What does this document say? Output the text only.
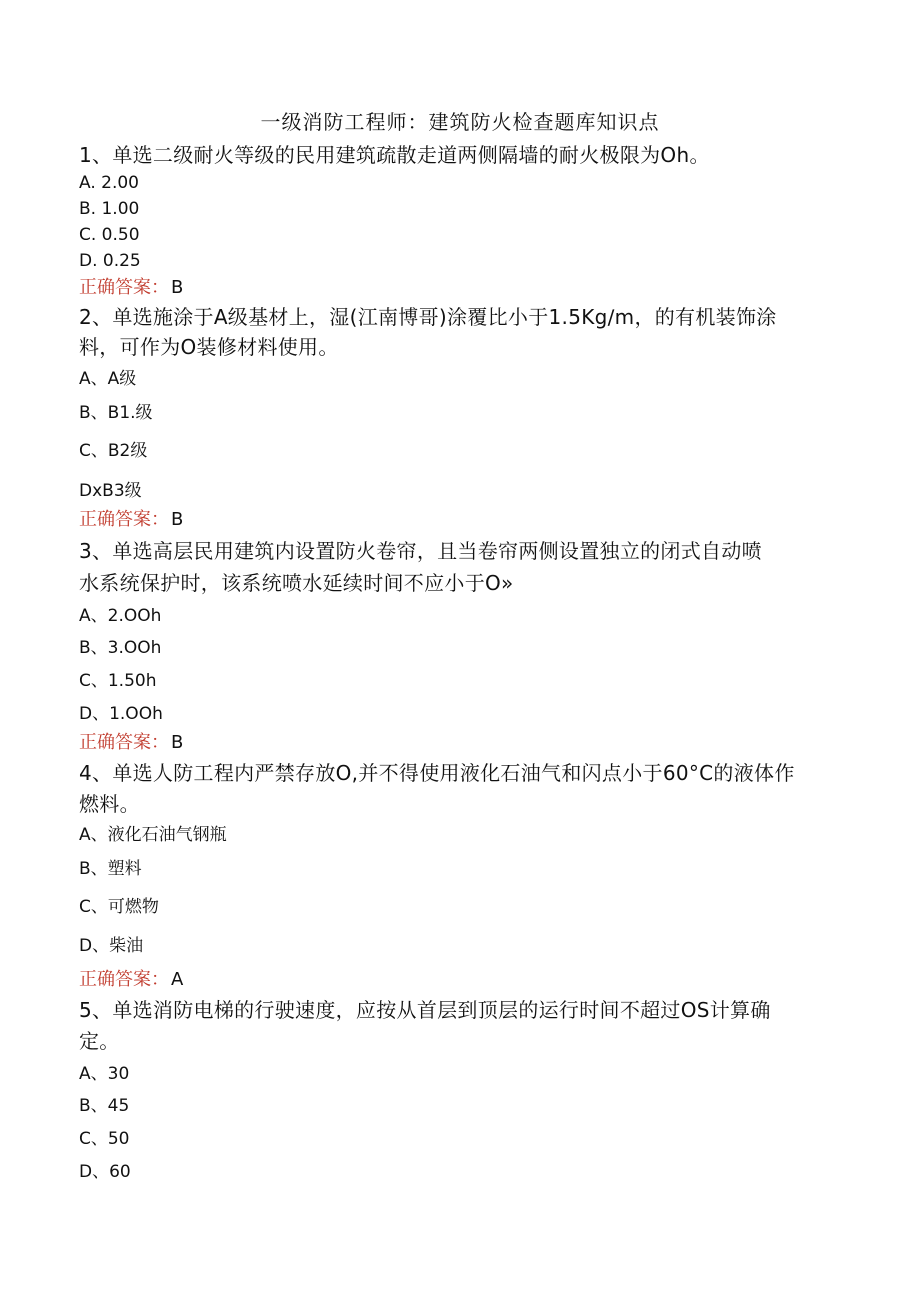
一级消防工程师：建筑防火检查题库知识点
1、单选二级耐火等级的民用建筑疏散走道两侧隔墙的耐火极限为Oh。
A. 2.00
B. 1.00
C. 0.50
D. 0.25
正确答案： B
2、单选施涂于A级基材上，湿(江南博哥)涂覆比小于1.5Kg∕m，的有机装饰涂
料，可作为O装修材料使用。
A、A级
B、B1.级
C、B2级
DxB3级
正确答案： B
3、单选高层民用建筑内设置防火卷帘，且当卷帘两侧设置独立的闭式自动喷
水系统保护时，该系统喷水延续时间不应小于O»
A、2.OOh
B、3.OOh
C、1.50h
D、1.OOh
正确答案： B
4、单选人防工程内严禁存放O,并不得使用液化石油气和闪点小于60°C的液体作
燃料。
A、液化石油气钢瓶
B、塑料
C、可燃物
D、柴油
正确答案： A
5、单选消防电梯的行驶速度，应按从首层到顶层的运行时间不超过OS计算确
定。
A、30
B、45
C、50
D、60
